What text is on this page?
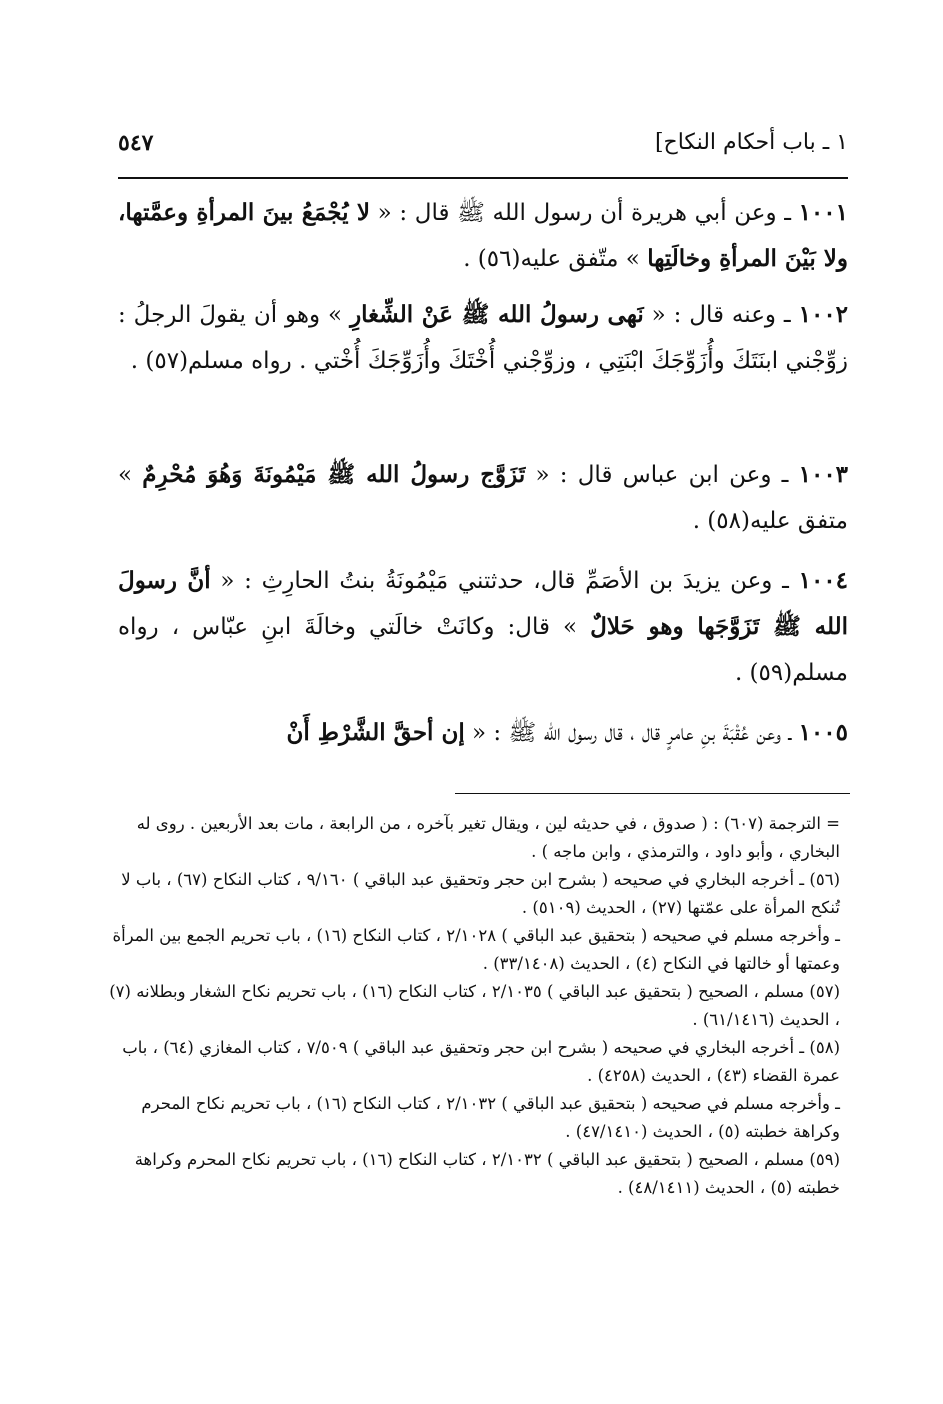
١ ـ باب أحكام النكاح]
٥٤٧

١٠٠١ ـ وعن أبي هريرة أن رسول الله ﷺ قال : « لا يُجْمَعُ بينَ المرأةِ وعمَّتها، ولا بَيْنَ المرأةِ وخالَتِها » متّفق عليه(٥٦) .

١٠٠٢ ـ وعنه قال : « نَهى رسولُ الله ﷺ عَنْ الشِّغارِ » وهو أن يقولَ الرجلُ : زوِّجْني ابنَتَكَ وأُزَوِّجَكَ ابْنَتِي ، وزوِّجْني أُخْتَكَ وأُزَوِّجَكَ أُخْتي . رواه مسلم(٥٧) .

١٠٠٣ ـ وعن ابن عباس قال : « تَزَوَّج رسولُ الله ﷺ مَيْمُونَةَ وَهُوَ مُحْرِمٌ » متفق عليه(٥٨) .

١٠٠٤ ـ وعن يزيدَ بن الأصَمِّ قال، حدثتني مَيْمُونَةُ بنتُ الحارِثِ : « أنَّ رسولَ الله ﷺ تَزَوَّجَها وهو حَلالٌ » قال: وكانَتْ خالَتي وخالَةَ ابنِ عبّاس ، رواه مسلم(٥٩) .

١٠٠٥ ـ وعن عُقْبَةَ بنِ عامرٍ قال ، قال رسول الله ﷺ : « إن أحقَّ الشَّرْطِ أَنْ

= الترجمة (٦٠٧) : ( صدوق ، في حديثه لين ، ويقال تغير بآخره ، من الرابعة ، مات بعد الأربعين . روى له البخاري ، وأبو داود ، والترمذي ، وابن ماجه ) .

(٥٦) ـ أخرجه البخاري في صحيحه ( بشرح ابن حجر وتحقيق عبد الباقي ) ٩/١٦٠ ، كتاب النكاح (٦٧) ، باب لا تُنكح المرأة على عمّتها (٢٧) ، الحديث (٥١٠٩) .

ـ وأخرجه مسلم في صحيحه ( بتحقيق عبد الباقي ) ٢/١٠٢٨ ، كتاب النكاح (١٦) ، باب تحريم الجمع بين المرأة وعمتها أو خالتها في النكاح (٤) ، الحديث (٣٣/١٤٠٨) .

(٥٧) مسلم ، الصحيح ( بتحقيق عبد الباقي ) ٢/١٠٣٥ ، كتاب النكاح (١٦) ، باب تحريم نكاح الشغار وبطلانه (٧) ، الحديث (٦١/١٤١٦) .

(٥٨) ـ أخرجه البخاري في صحيحه ( بشرح ابن حجر وتحقيق عبد الباقي ) ٧/٥٠٩ ، كتاب المغازي (٦٤) ، باب عمرة القضاء (٤٣) ، الحديث (٤٢٥٨) .

ـ وأخرجه مسلم في صحيحه ( بتحقيق عبد الباقي ) ٢/١٠٣٢ ، كتاب النكاح (١٦) ، باب تحريم نكاح المحرم وكراهة خطبته (٥) ، الحديث (٤٧/١٤١٠) .

(٥٩) مسلم ، الصحيح ( بتحقيق عبد الباقي ) ٢/١٠٣٢ ، كتاب النكاح (١٦) ، باب تحريم نكاح المحرم وكراهة خطبته (٥) ، الحديث (٤٨/١٤١١) .
